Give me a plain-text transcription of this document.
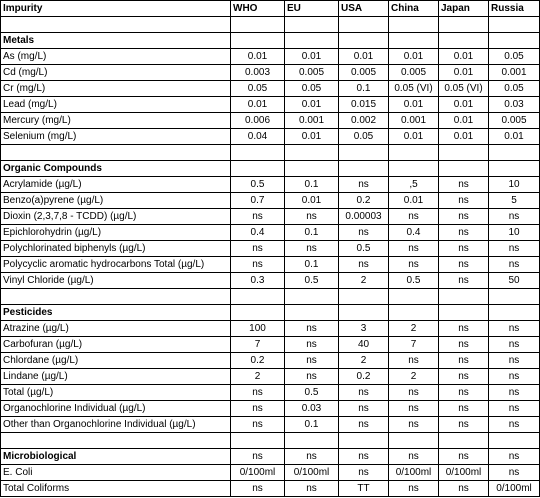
Impurity	WHO	EU	USA	China	Japan	Russia

Metals						
As (mg/L)	0.01	0.01	0.01	0.01	0.01	0.05
Cd (mg/L)	0.003	0.005	0.005	0.005	0.01	0.001
Cr (mg/L)	0.05	0.05	0.1	0.05 (VI)	0.05 (VI)	0.05
Lead (mg/L)	0.01	0.01	0.015	0.01	0.01	0.03
Mercury (mg/L)	0.006	0.001	0.002	0.001	0.01	0.005
Selenium (mg/L)	0.04	0.01	0.05	0.01	0.01	0.01

Organic Compounds						
Acrylamide (µg/L)	0.5	0.1	ns	,5	ns	10
Benzo(a)pyrene (µg/L)	0.7	0.01	0.2	0.01	ns	5
Dioxin (2,3,7,8 - TCDD) (µg/L)	ns	ns	0.00003	ns	ns	ns
Epichlorohydrin (µg/L)	0.4	0.1	ns	0.4	ns	10
Polychlorinated biphenyls (µg/L)	ns	ns	0.5	ns	ns	ns
Polycyclic aromatic hydrocarbons Total (µg/L)	ns	0.1	ns	ns	ns	ns
Vinyl Chloride (µg/L)	0.3	0.5	2	0.5	ns	50

Pesticides						
Atrazine (µg/L)	100	ns	3	2	ns	ns
Carbofuran (µg/L)	7	ns	40	7	ns	ns
Chlordane (µg/L)	0.2	ns	2	ns	ns	ns
Lindane (µg/L)	2	ns	0.2	2	ns	ns
Total (µg/L)	ns	0.5	ns	ns	ns	ns
Organochlorine Individual (µg/L)	ns	0.03	ns	ns	ns	ns
Other than Organochlorine Individual (µg/L)	ns	0.1	ns	ns	ns	ns

Microbiological	ns	ns	ns	ns	ns	ns
E. Coli	0/100ml	0/100ml	ns	0/100ml	0/100ml	ns
Total Coliforms	ns	ns	TT	ns	ns	0/100ml
